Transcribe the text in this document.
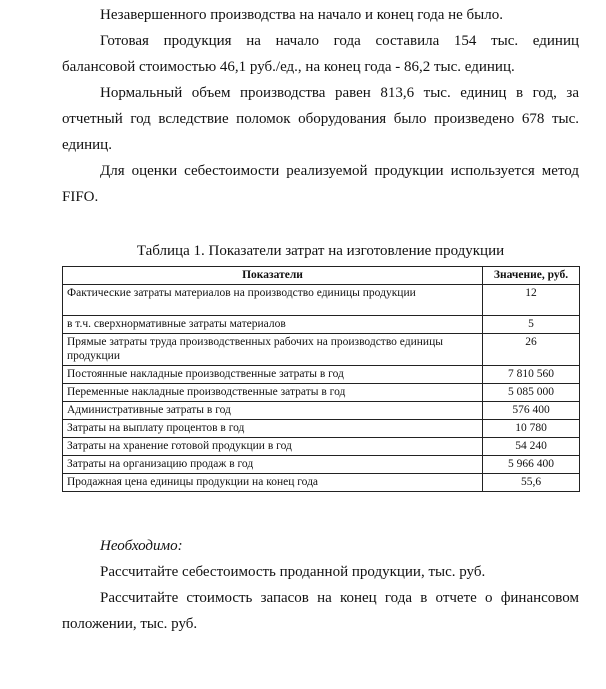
Незавершенного производства на начало и конец года не было.

Готовая продукция на начало года составила 154 тыс. единиц
балансовой стоимостью 46,1 руб./ед., на конец года - 86,2 тыс. единиц.

Нормальный объем производства равен 813,6 тыс. единиц в год, за
отчетный год вследствие поломок оборудования было произведено 678 тыс.
единиц.

Для оценки себестоимости реализуемой продукции используется метод
FIFO.

Таблица 1. Показатели затрат на изготовление продукции
Показатели	Значение, руб.
Фактические затраты материалов на производство единицы продукции	12
в т.ч. сверхнормативные затраты материалов	5
Прямые затраты труда производственных рабочих на производство единицы продукции	26
Постоянные накладные производственные затраты в год	7 810 560
Переменные накладные производственные затраты в год	5 085 000
Административные затраты в год	576 400
Затраты на выплату процентов в год	10 780
Затраты на хранение готовой продукции в год	54 240
Затраты на организацию продаж в год	5 966 400
Продажная цена единицы продукции на конец года	55,6

Необходимо:

Рассчитайте себестоимость проданной продукции, тыс. руб.

Рассчитайте стоимость запасов на конец года в отчете о финансовом
положении, тыс. руб.
